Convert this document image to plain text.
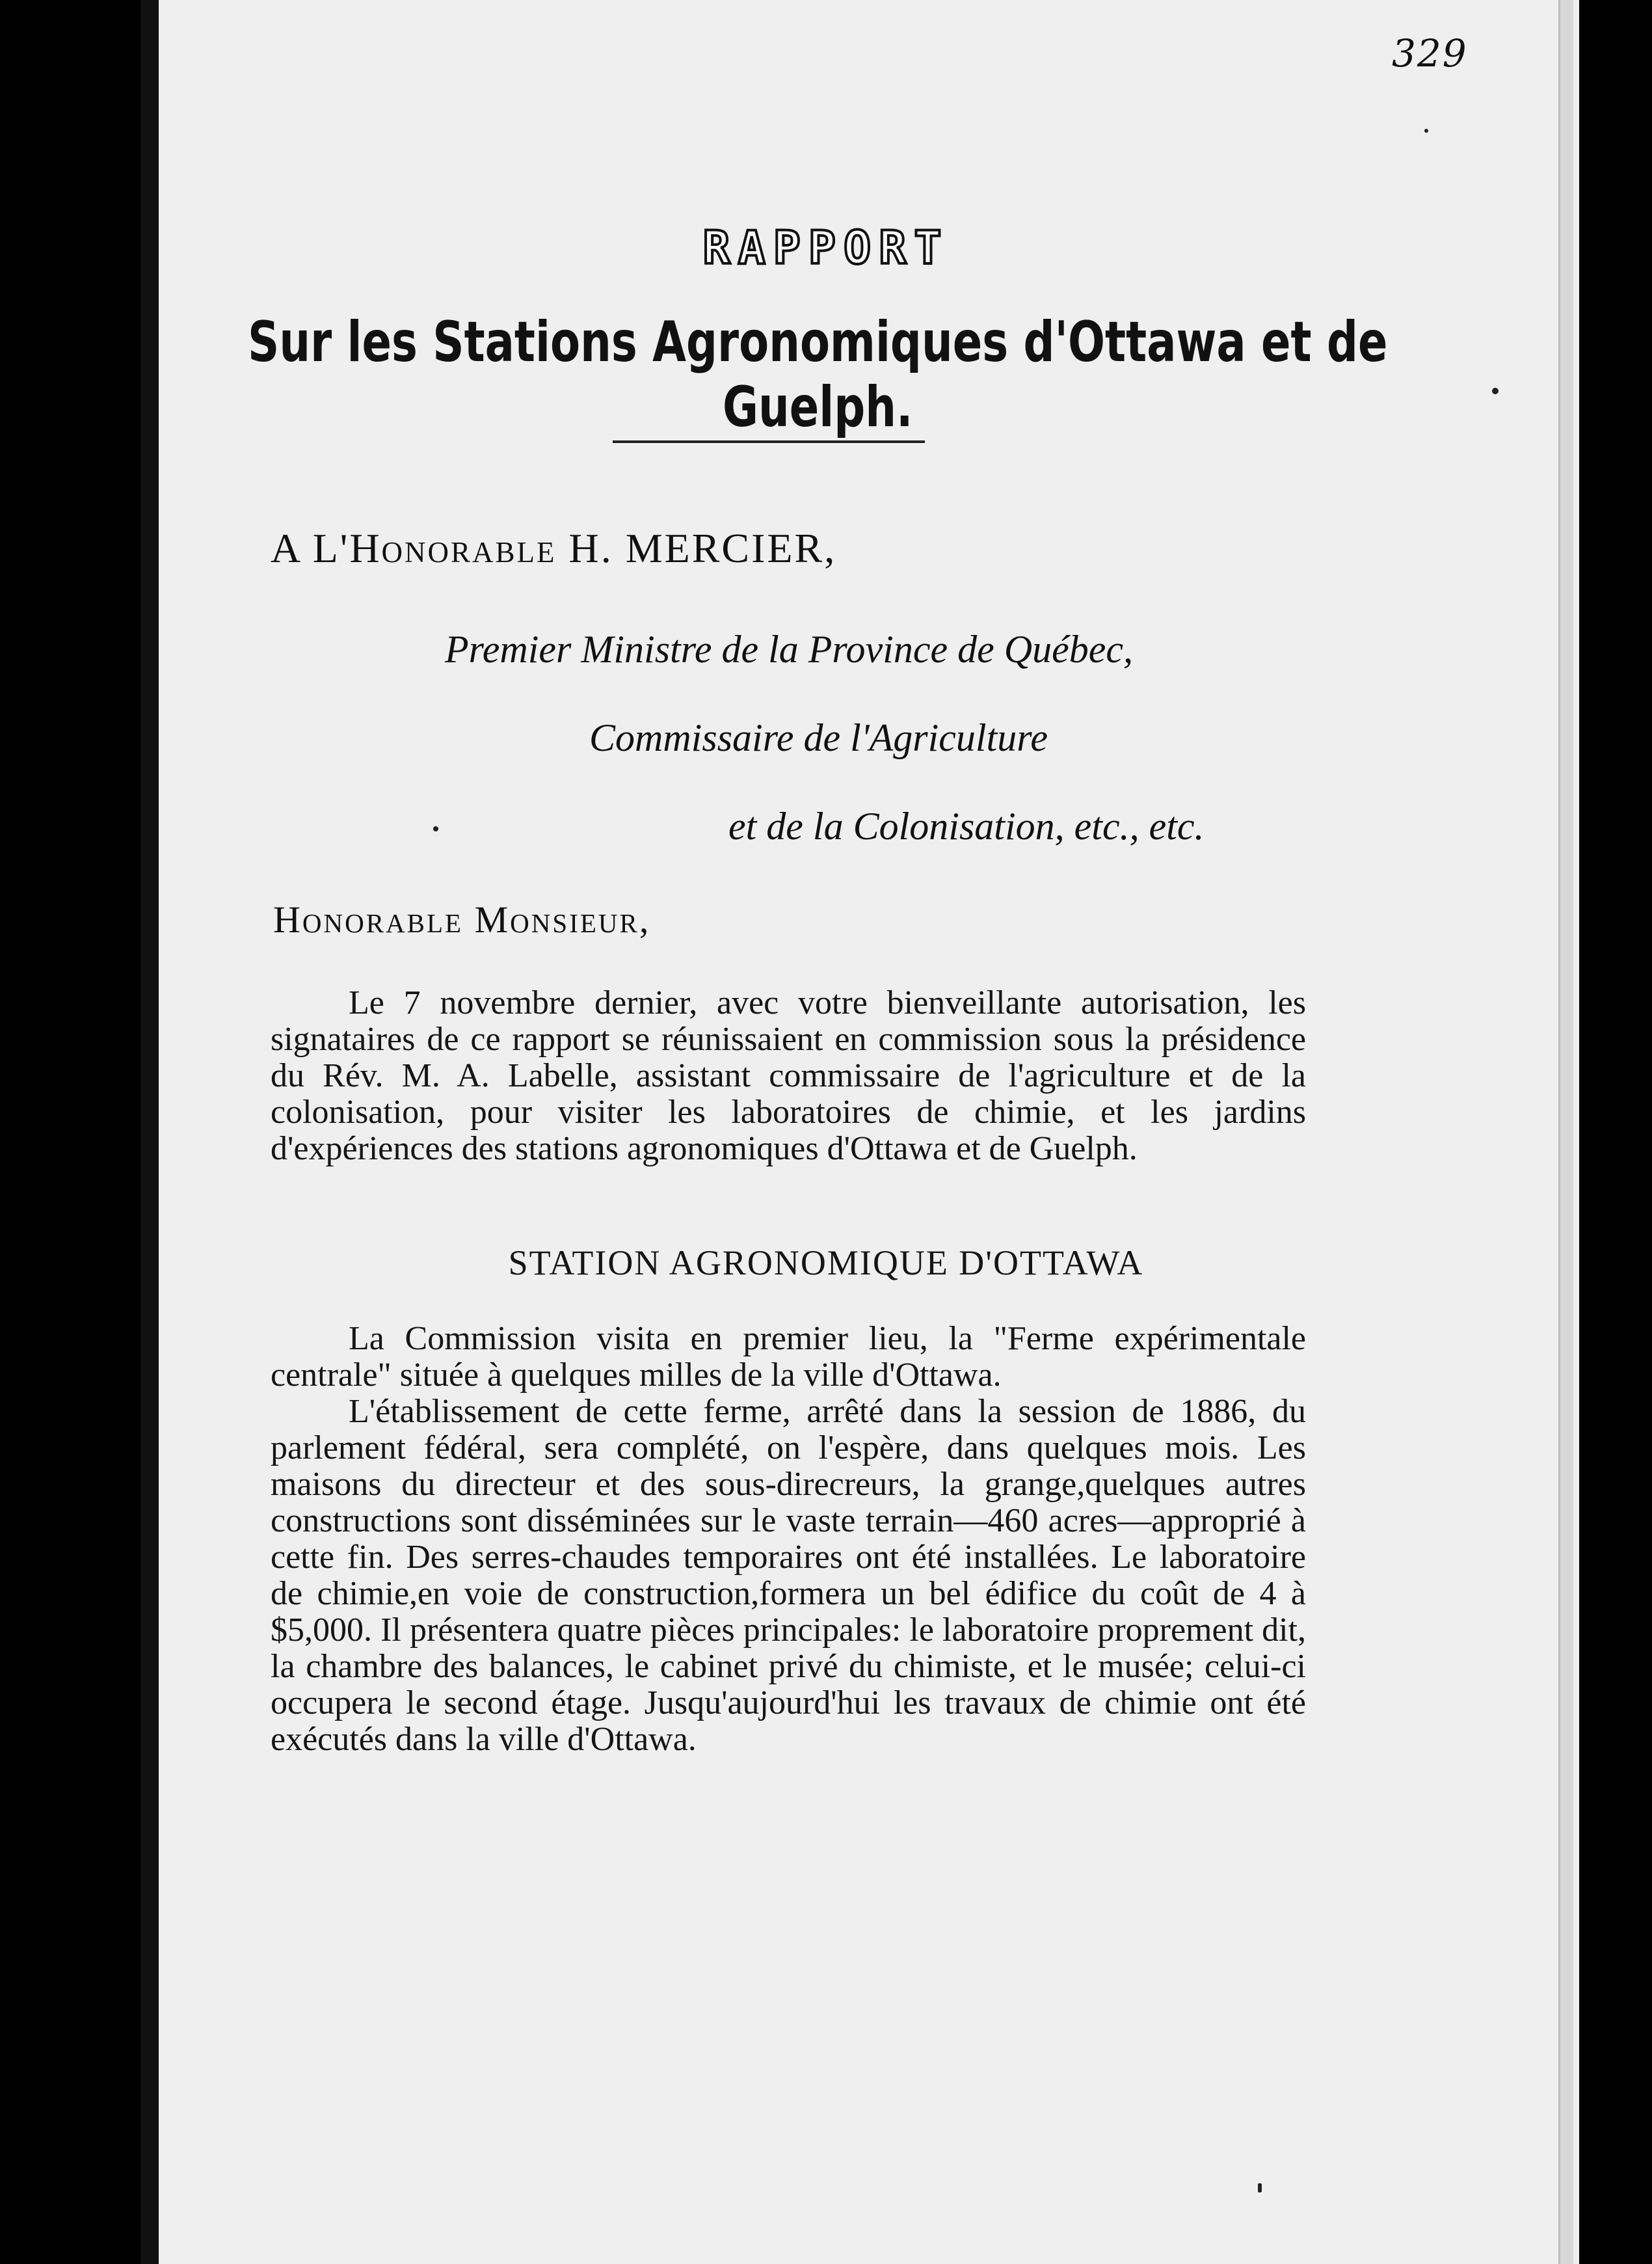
329
RAPPORT
Sur les Stations Agronomiques d'Ottawa et de Guelph.
A L'Honorable H. MERCIER,
Premier Ministre de la Province de Québec,
Commissaire de l'Agriculture
et de la Colonisation, etc., etc.
Honorable Monsieur,
Le 7 novembre dernier, avec votre bienveillante autorisation, les signataires de ce rapport se réunissaient en commission sous la présidence du Rév. M. A. Labelle, assistant commissaire de l'agriculture et de la colonisation, pour visiter les laboratoires de chimie, et les jardins d'expériences des stations agronomiques d'Ottawa et de Guelph.
STATION AGRONOMIQUE D'OTTAWA
La Commission visita en premier lieu, la "Ferme expérimentale centrale" située à quelques milles de la ville d'Ottawa.
L'établissement de cette ferme, arrêté dans la session de 1886, du parlement fédéral, sera complété, on l'espère, dans quelques mois. Les maisons du directeur et des sous-direcreurs, la grange,quelques autres constructions sont disséminées sur le vaste terrain—460 acres—approprié à cette fin. Des serres-chaudes temporaires ont été installées. Le laboratoire de chimie,en voie de construction,formera un bel édifice du coût de 4 à $5,000. Il présentera quatre pièces principales: le laboratoire proprement dit, la chambre des balances, le cabinet privé du chimiste, et le musée; celui-ci occupera le second étage. Jusqu'aujourd'hui les travaux de chimie ont été exécutés dans la ville d'Ottawa.
